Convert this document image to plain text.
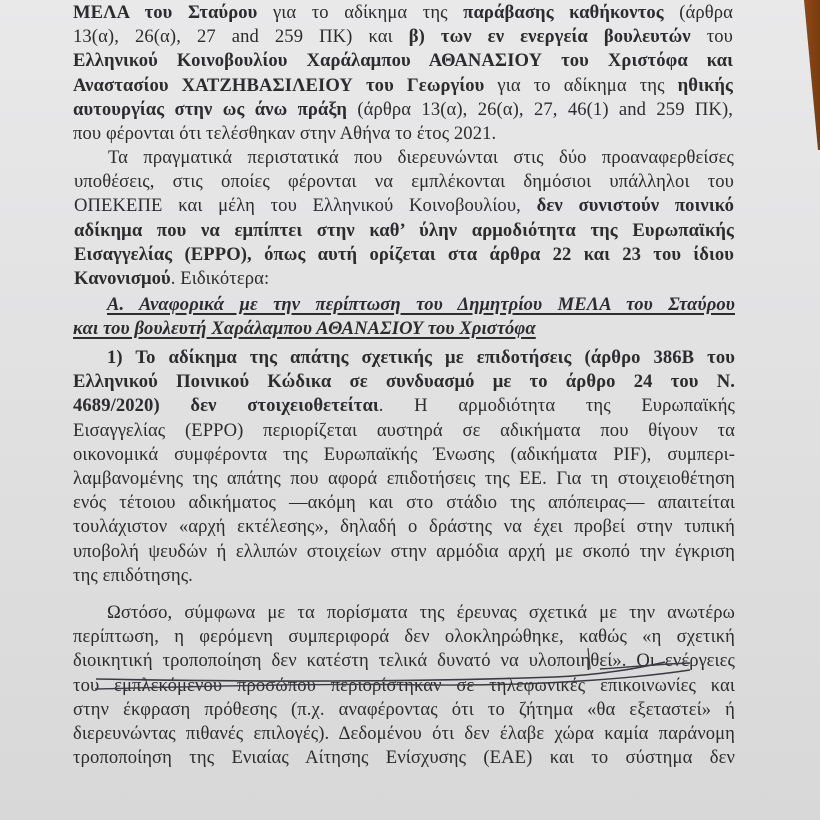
ΜΕΛΑ του Σταύρου για το αδίκημα της παράβασης καθήκοντος (άρθρα
13(α), 26(α), 27 and 259 ΠΚ) και β) των εν ενεργεία βουλευτών του
Ελληνικού Κοινοβουλίου Χαράλαμπου ΑΘΑΝΑΣΙΟΥ του Χριστόφα και
Αναστασίου ΧΑΤΖΗΒΑΣΙΛΕΙΟΥ του Γεωργίου για το αδίκημα της ηθικής
αυτουργίας στην ως άνω πράξη (άρθρα 13(α), 26(α), 27, 46(1) and 259 ΠΚ),
που φέρονται ότι τελέσθηκαν στην Αθήνα το έτος 2021.
Τα πραγματικά περιστατικά που διερευνώνται στις δύο προαναφερθείσες
υποθέσεις, στις οποίες φέρονται να εμπλέκονται δημόσιοι υπάλληλοι του
ΟΠΕΚΕΠΕ και μέλη του Ελληνικού Κοινοβουλίου, δεν συνιστούν ποινικό
αδίκημα που να εμπίπτει στην καθ’ ύλην αρμοδιότητα της Ευρωπαϊκής
Εισαγγελίας (EPPO), όπως αυτή ορίζεται στα άρθρα 22 και 23 του ίδιου
Κανονισμού. Ειδικότερα:
Α. Αναφορικά με την περίπτωση του Δημητρίου ΜΕΛΑ του Σταύρου
και του βουλευτή Χαράλαμπου ΑΘΑΝΑΣΙΟΥ του Χριστόφα
1) Το αδίκημα της απάτης σχετικής με επιδοτήσεις (άρθρο 386Β του
Ελληνικού Ποινικού Κώδικα σε συνδυασμό με το άρθρο 24 του Ν.
4689/2020) δεν στοιχειοθετείται. Η αρμοδιότητα της Ευρωπαϊκής
Εισαγγελίας (EPPO) περιορίζεται αυστηρά σε αδικήματα που θίγουν τα
οικονομικά συμφέροντα της Ευρωπαϊκής Ένωσης (αδικήματα PIF), συμπερι-
λαμβανομένης της απάτης που αφορά επιδοτήσεις της ΕΕ. Για τη στοιχειοθέτηση
ενός τέτοιου αδικήματος —ακόμη και στο στάδιο της απόπειρας— απαιτείται
τουλάχιστον «αρχή εκτέλεσης», δηλαδή ο δράστης να έχει προβεί στην τυπική
υποβολή ψευδών ή ελλιπών στοιχείων στην αρμόδια αρχή με σκοπό την έγκριση
της επιδότησης.
Ωστόσο, σύμφωνα με τα πορίσματα της έρευνας σχετικά με την ανωτέρω
περίπτωση, η φερόμενη συμπεριφορά δεν ολοκληρώθηκε, καθώς «η σχετική
διοικητική τροποποίηση δεν κατέστη τελικά δυνατό να υλοποιηθεί». Οι ενέργειες
του εμπλεκόμενου προσώπου περιορίστηκαν σε τηλεφωνικές επικοινωνίες και
στην έκφραση πρόθεσης (π.χ. αναφέροντας ότι το ζήτημα «θα εξεταστεί» ή
διερευνώντας πιθανές επιλογές). Δεδομένου ότι δεν έλαβε χώρα καμία παράνομη
τροποποίηση της Ενιαίας Αίτησης Ενίσχυσης (ΕΑΕ) και το σύστημα δεν
